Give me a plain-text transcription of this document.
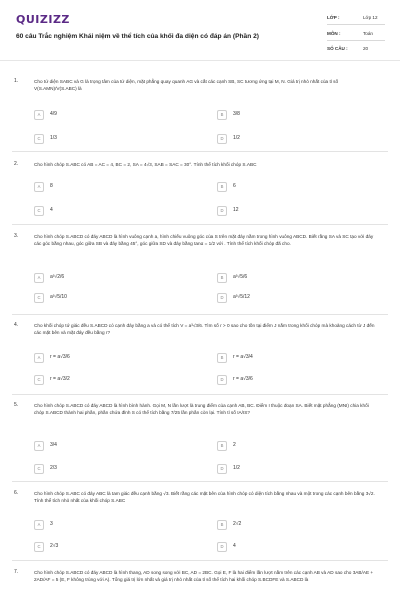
QUIZIZZ
60 câu Trắc nghiệm Khái niệm về thể tích của khối đa diện có đáp án (Phần 2)
LỚP :	Lớp 12
MÔN :	Toán
SỐ CÂU :	20
1.	Cho tứ diện SABC và G là trọng tâm của tứ diện, mặt phẳng quay quanh AG và cắt các cạnh SB, SC tương ứng tại M, N. Giá trị nhỏ nhất của tỉ số V(S.AMN)/V(S.ABC) là
A	4/9	B	3/8
C	1/3	D	1/2
2.	Cho hình chóp S.ABC có AB = AC = 4, BC = 2, SA = 4√3, SAB = SAC = 30°. Tính thể tích khối chóp S.ABC
A	8	B	6
C	4	D	12
3.	Cho hình chóp S.ABCD có đáy ABCD là hình vuông cạnh a, hình chiếu vuông góc của S trên mặt đáy nằm trong hình vuông ABCD. Biết rằng SA và SC tạo với đáy các góc bằng nhau, góc giữa SB và đáy bằng 45°, góc giữa SD và đáy bằng tanα = 1/2 với . Tính thể tích khối chóp đã cho.
A	a³√2/6	B	a³√5/6
C	a³√5/10	D	a³√5/12
4.	Cho khối chóp tứ giác đều S.ABCD có cạnh đáy bằng a và có thể tích V = a³√3/6. Tìm số r > 0 sao cho tồn tại điểm J nằm trong khối chóp mà khoảng cách từ J đến các mặt bên và mặt đáy đều bằng r?
A	r = a√3/6	B	r = a√3/4
C	r = a√3/2	D	r = a√3/6
5.	Cho hình chóp S.ABCD có đáy ABCD là hình bình hành. Gọi M, N lần lượt là trung điểm của cạnh AB, BC. Điểm I thuộc đoạn SA. Biết mặt phẳng (MNI) chia khối chóp S.ABCD thành hai phần, phần chứa đỉnh S có thể tích bằng 7/25 lần phần còn lại. Tính tỉ số IA/IS?
A	3/4	B	2
C	2/3	D	1/2
6.	Cho hình chóp S.ABC có đáy ABC là tam giác đều cạnh bằng √3. Biết rằng các mặt bên của hình chóp có diện tích bằng nhau và một trong các cạnh bên bằng 3√2. Tính thể tích nhỏ nhất của khối chóp S.ABC
A	3	B	2√2
C	2√3	D	4
7.	Cho hình chóp S.ABCD có đáy ABCD là hình thang, AD song song với BC, AD = 2BC. Gọi E, F là hai điểm lần lượt nằm trên các cạnh AB và AD sao cho 3AB/AE + 2AD/AF = 5 (E, F không trùng với A). Tổng giá trị lớn nhất và giá trị nhỏ nhất của tỉ số thể tích hai khối chóp S.BCDFE và S.ABCD là
